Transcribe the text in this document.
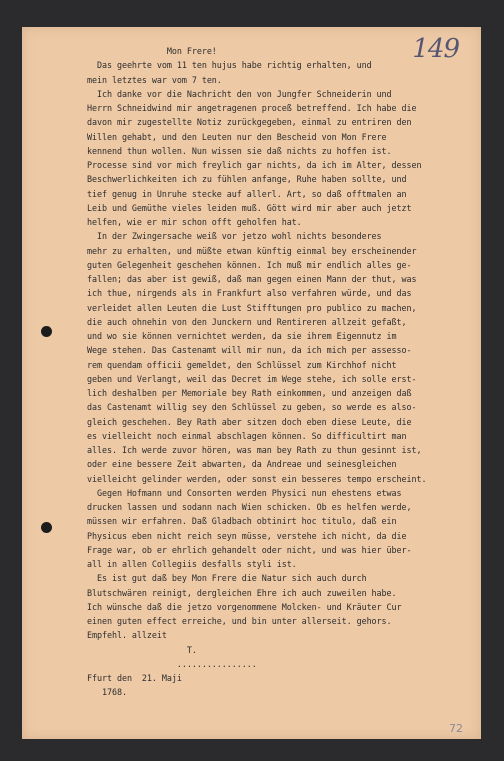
149
Mon Frere!
Das geehrte vom 11 ten hujus habe richtig erhalten, und
mein letztes war vom 7 ten.
Ich danke vor die Nachricht den von Jungfer Schneiderin und
Herrn Schneidwind mir angetragenen proceß betreffend. Ich habe die
davon mir zugestellte Notiz zurückgegeben, einmal zu entriren den
Willen gehabt, und den Leuten nur den Bescheid von Mon Frere
kennend thun wollen. Nun wissen sie daß nichts zu hoffen ist.
Processe sind vor mich freylich gar nichts, da ich im Alter, dessen
Beschwerlichkeiten ich zu fühlen anfange, Ruhe haben sollte, und
tief genug in Unruhe stecke auf allerl. Art, so daß offtmalen an
Leib und Gemüthe vieles leiden muß. Gött wird mir aber auch jetzt
helfen, wie er mir schon offt geholfen hat.
In der Zwingersache weiß vor jetzo wohl nichts besonderes
mehr zu erhalten, und müßte etwan künftig einmal bey erscheinender
guten Gelegenheit geschehen können. Ich muß mir endlich alles ge-
fallen; das aber ist gewiß, daß man gegen einen Mann der thut, was
ich thue, nirgends als in Frankfurt also verfahren würde, und das
verleidet allen Leuten die Lust Stifftungen pro publico zu machen,
die auch ohnehin von den Junckern und Rentireren allzeit gefaßt,
und wo sie können vernichtet werden, da sie ihrem Eigennutz im
Wege stehen. Das Castenamt will mir nun, da ich mich per assesso-
rem quendam officii gemeldet, den Schlüssel zum Kirchhof nicht
geben und Verlangt, weil das Decret im Wege stehe, ich solle erst-
lich deshalben per Memoriale bey Rath einkommen, und anzeigen daß
das Castenamt willig sey den Schlüssel zu geben, so werde es also-
gleich geschehen. Bey Rath aber sitzen doch eben diese Leute, die
es vielleicht noch einmal abschlagen können. So difficultirt man
alles. Ich werde zuvor hören, was man bey Rath zu thun gesinnt ist,
oder eine bessere Zeit abwarten, da Andreae und seinesgleichen
vielleicht gelinder werden, oder sonst ein besseres tempo erscheint.
Gegen Hofmann und Consorten werden Physici nun ehestens etwas
drucken lassen und sodann nach Wien schicken. Ob es helfen werde,
müssen wir erfahren. Daß Gladbach obtinirt hoc titulo, daß ein
Physicus eben nicht reich seyn müsse, verstehe ich nicht, da die
Frage war, ob er ehrlich gehandelt oder nicht, und was hier über-
all in allen Collegiis desfalls styli ist.
Es ist gut daß bey Mon Frere die Natur sich auch durch
Blutschwären reinigt, dergleichen Ehre ich auch zuweilen habe.
Ich wünsche daß die jetzo vorgenommene Molcken- und Kräuter Cur
einen guten effect erreiche, und bin unter allerseit. gehors.
Empfehl. allzeit
T.
................
Ffurt den  21. Maji
1768.
72
